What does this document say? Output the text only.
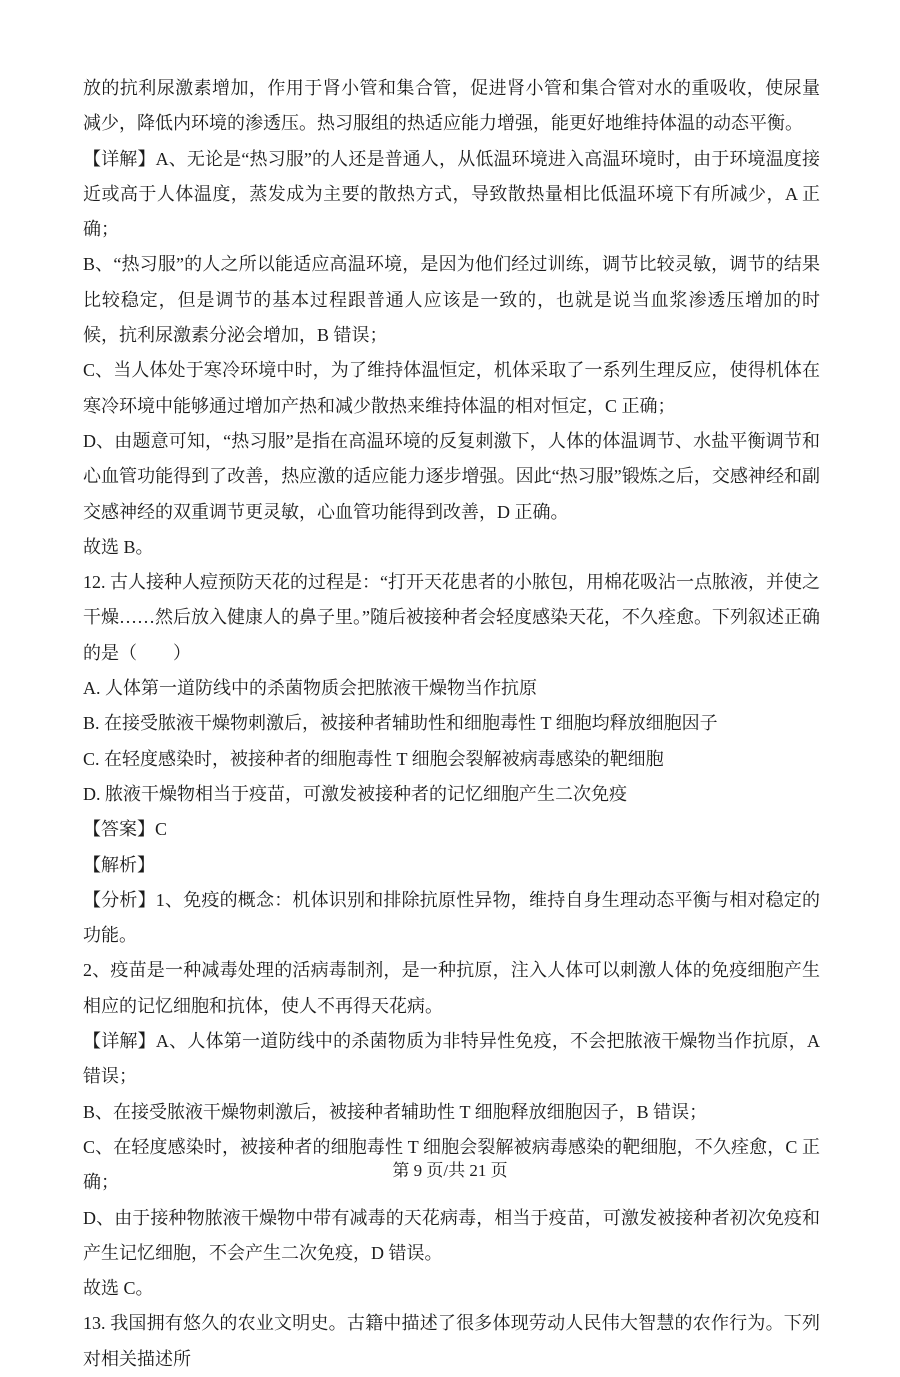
放的抗利尿激素增加，作用于肾小管和集合管，促进肾小管和集合管对水的重吸收，使尿量减少，降低内环境的渗透压。热习服组的热适应能力增强，能更好地维持体温的动态平衡。

【详解】A、无论是“热习服”的人还是普通人，从低温环境进入高温环境时，由于环境温度接近或高于人体温度，蒸发成为主要的散热方式，导致散热量相比低温环境下有所减少，A 正确；

B、“热习服”的人之所以能适应高温环境，是因为他们经过训练，调节比较灵敏，调节的结果比较稳定，但是调节的基本过程跟普通人应该是一致的，也就是说当血浆渗透压增加的时候，抗利尿激素分泌会增加，B 错误；

C、当人体处于寒冷环境中时，为了维持体温恒定，机体采取了一系列生理反应，使得机体在寒冷环境中能够通过增加产热和减少散热来维持体温的相对恒定，C 正确；

D、由题意可知，“热习服”是指在高温环境的反复刺激下，人体的体温调节、水盐平衡调节和心血管功能得到了改善，热应激的适应能力逐步增强。因此“热习服”锻炼之后，交感神经和副交感神经的双重调节更灵敏，心血管功能得到改善，D 正确。

故选 B。

12. 古人接种人痘预防天花的过程是：“打开天花患者的小脓包，用棉花吸沾一点脓液，并使之干燥……然后放入健康人的鼻子里。”随后被接种者会轻度感染天花，不久痊愈。下列叙述正确的是（　　）

A. 人体第一道防线中的杀菌物质会把脓液干燥物当作抗原

B. 在接受脓液干燥物刺激后，被接种者辅助性和细胞毒性 T 细胞均释放细胞因子

C. 在轻度感染时，被接种者的细胞毒性 T 细胞会裂解被病毒感染的靶细胞

D. 脓液干燥物相当于疫苗，可激发被接种者的记忆细胞产生二次免疫

【答案】C

【解析】

【分析】1、免疫的概念：机体识别和排除抗原性异物，维持自身生理动态平衡与相对稳定的功能。

2、疫苗是一种减毒处理的活病毒制剂，是一种抗原，注入人体可以刺激人体的免疫细胞产生相应的记忆细胞和抗体，使人不再得天花病。

【详解】A、人体第一道防线中的杀菌物质为非特异性免疫，不会把脓液干燥物当作抗原，A 错误；

B、在接受脓液干燥物刺激后，被接种者辅助性 T 细胞释放细胞因子，B 错误；

C、在轻度感染时，被接种者的细胞毒性 T 细胞会裂解被病毒感染的靶细胞，不久痊愈，C 正确；

D、由于接种物脓液干燥物中带有减毒的天花病毒，相当于疫苗，可激发被接种者初次免疫和产生记忆细胞，不会产生二次免疫，D 错误。

故选 C。

13. 我国拥有悠久的农业文明史。古籍中描述了很多体现劳动人民伟大智慧的农作行为。下列对相关描述所

第 9 页/共 21 页
